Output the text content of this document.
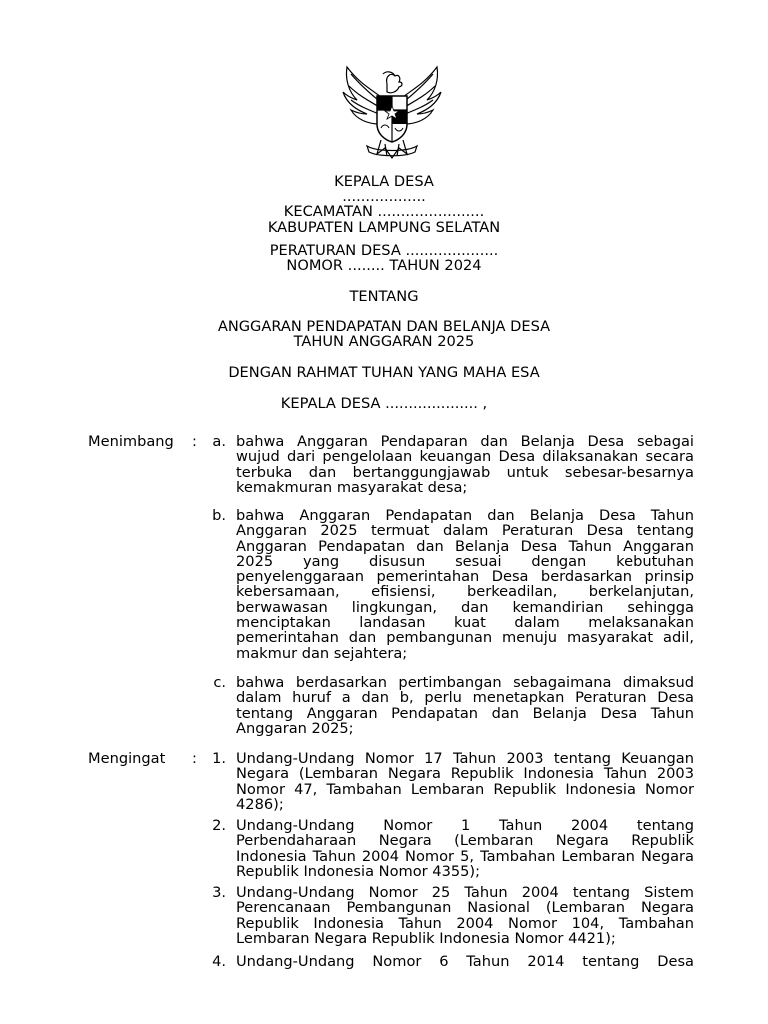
KEPALA DESA
..................
KECAMATAN .......................
KABUPATEN LAMPUNG SELATAN
PERATURAN DESA ....................
NOMOR ........ TAHUN 2024
TENTANG
ANGGARAN PENDAPATAN DAN BELANJA DESA
TAHUN ANGGARAN 2025
DENGAN RAHMAT TUHAN YANG MAHA ESA
KEPALA DESA .................... ,
Menimbang :	a. bahwa Anggaran Pendaparan dan Belanja Desa sebagai wujud dari pengelolaan keuangan Desa dilaksanakan secara terbuka dan bertanggungjawab untuk sebesar-besarnya kemakmuran masyarakat desa;
b. bahwa Anggaran Pendapatan dan Belanja Desa Tahun Anggaran 2025 termuat dalam Peraturan Desa tentang Anggaran Pendapatan dan Belanja Desa Tahun Anggaran 2025 yang disusun sesuai dengan kebutuhan penyelenggaraan pemerintahan Desa berdasarkan prinsip kebersamaan, efisiensi, berkeadilan, berkelanjutan, berwawasan lingkungan, dan kemandirian sehingga menciptakan landasan kuat dalam melaksanakan pemerintahan dan pembangunan menuju masyarakat adil, makmur dan sejahtera;
c. bahwa berdasarkan pertimbangan sebagaimana dimaksud dalam huruf a dan b, perlu menetapkan Peraturan Desa tentang Anggaran Pendapatan dan Belanja Desa Tahun Anggaran 2025;
Mengingat :	1. Undang-Undang Nomor 17 Tahun 2003 tentang Keuangan Negara (Lembaran Negara Republik Indonesia Tahun 2003 Nomor 47, Tambahan Lembaran Republik Indonesia Nomor 4286);
2. Undang-Undang Nomor 1 Tahun 2004 tentang Perbendaharaan Negara (Lembaran Negara Republik Indonesia Tahun 2004 Nomor 5, Tambahan Lembaran Negara Republik Indonesia Nomor 4355);
3. Undang-Undang Nomor 25 Tahun 2004 tentang Sistem Perencanaan Pembangunan Nasional (Lembaran Negara Republik Indonesia Tahun 2004 Nomor 104, Tambahan Lembaran Negara Republik Indonesia Nomor 4421);
4. Undang-Undang Nomor 6 Tahun 2014 tentang Desa
